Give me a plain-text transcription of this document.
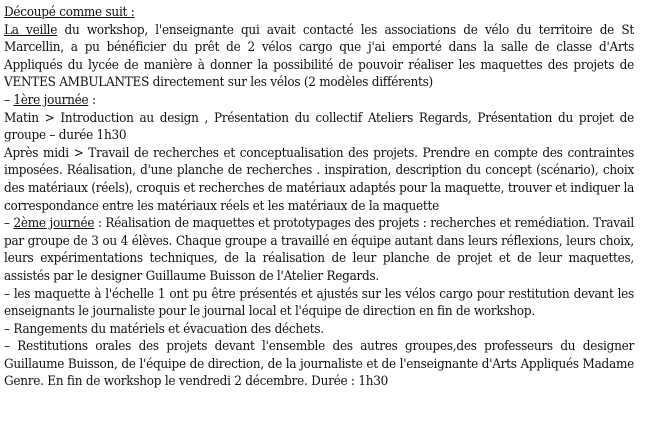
Découpé comme suit :

La veille du workshop, l'enseignante qui avait contacté les associations de vélo du territoire de St Marcellin, a pu bénéficier du prêt de 2 vélos cargo que j'ai emporté dans la salle de classe d'Arts Appliqués du lycée de manière à donner la possibilité de pouvoir réaliser les maquettes des projets de VENTES AMBULANTES directement sur les vélos (2 modèles différents)

– 1ère journée :

Matin > Introduction au design , Présentation du collectif Ateliers Regards, Présentation du projet de groupe – durée 1h30

Après midi > Travail de recherches et conceptualisation des projets. Prendre en compte des contraintes imposées. Réalisation, d'une planche de recherches . inspiration, description du concept (scénario), choix des matériaux (réels), croquis et recherches de matériaux adaptés pour la maquette, trouver et indiquer la correspondance entre les matériaux réels et les matériaux de la maquette

– 2ème journée : Réalisation de maquettes et prototypages des projets : recherches et remédiation. Travail par groupe de 3 ou 4 élèves. Chaque groupe a travaillé en équipe autant dans leurs réflexions, leurs choix, leurs expérimentations techniques, de la réalisation de leur planche de projet et de leur maquettes, assistés par le designer Guillaume Buisson de l'Atelier Regards.

– les maquette à l'échelle 1 ont pu être présentés et ajustés sur les vélos cargo pour restitution devant les enseignants le journaliste pour le journal local et l'équipe de direction en fin de workshop.

– Rangements du matériels et évacuation des déchets.

– Restitutions orales des projets devant l'ensemble des autres groupes,des professeurs du designer Guillaume Buisson, de l'équipe de direction, de la journaliste et de l'enseignante d'Arts Appliqués Madame Genre. En fin de workshop le vendredi 2 décembre. Durée : 1h30
